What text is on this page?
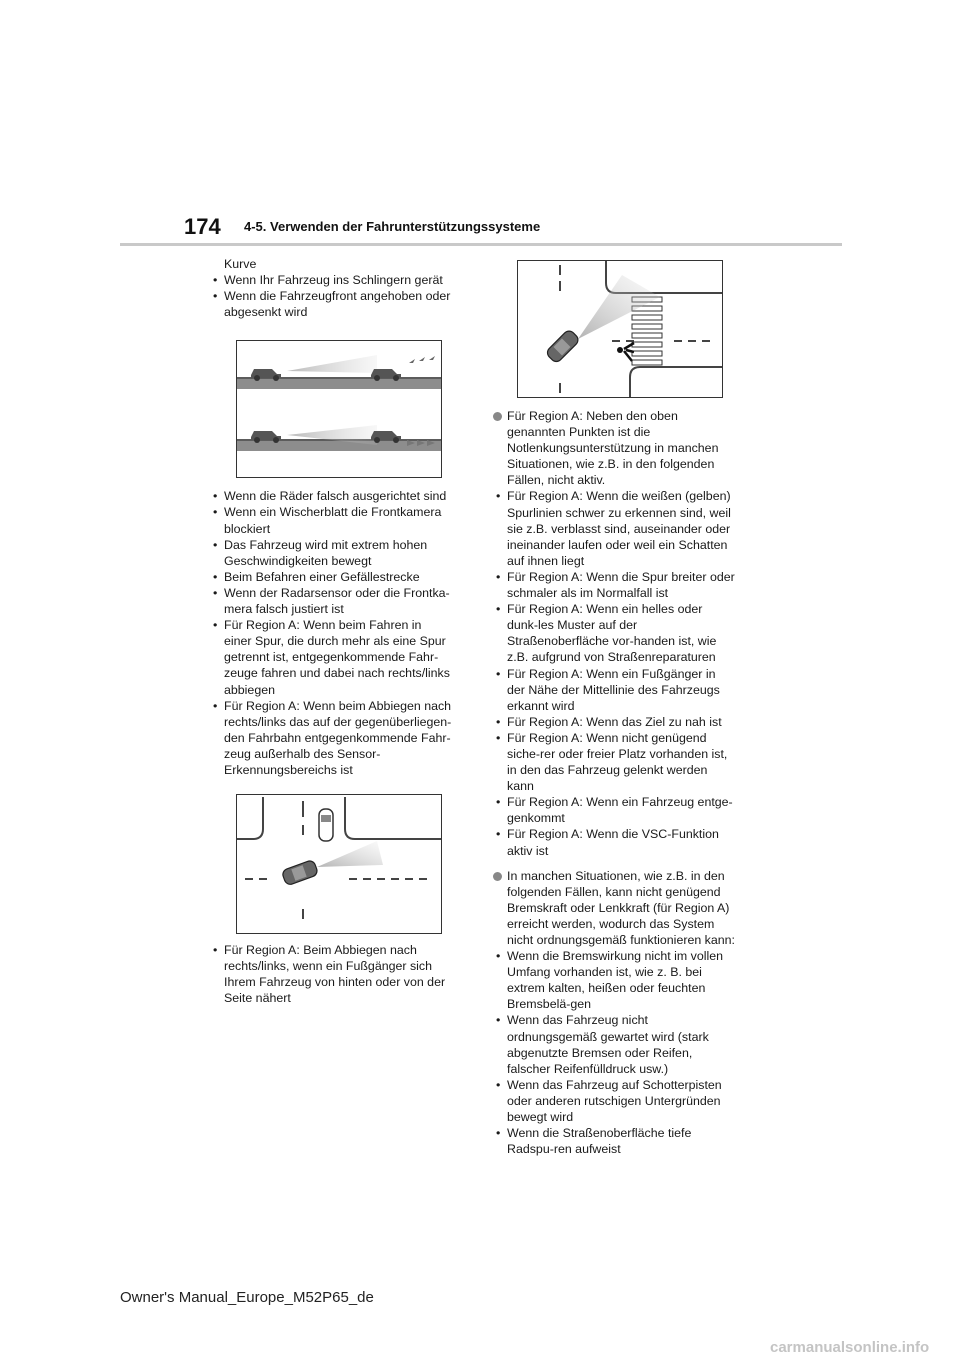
174 4-5. Verwenden der Fahrunterstützungssysteme

Kurve

• Wenn Ihr Fahrzeug ins Schlingern gerät

• Wenn die Fahrzeugfront angehoben oder abgesenkt wird

• Wenn die Räder falsch ausgerichtet sind

• Wenn ein Wischerblatt die Frontkamera blockiert

• Das Fahrzeug wird mit extrem hohen Geschwindigkeiten bewegt

• Beim Befahren einer Gefällestrecke

• Wenn der Radarsensor oder die Frontka-mera falsch justiert ist

• Für Region A: Wenn beim Fahren in einer Spur, die durch mehr als eine Spur getrennt ist, entgegenkommende Fahr-zeuge fahren und dabei nach rechts/links abbiegen

• Für Region A: Wenn beim Abbiegen nach rechts/links das auf der gegenüberliegen-den Fahrbahn entgegenkommende Fahr-zeug außerhalb des Sensor-Erkennungsbereichs ist

• Für Region A: Beim Abbiegen nach rechts/links, wenn ein Fußgänger sich Ihrem Fahrzeug von hinten oder von der Seite nähert

Für Region A: Neben den oben genannten Punkten ist die Notlenkungsunterstützung in manchen Situationen, wie z.B. in den folgenden Fällen, nicht aktiv.

• Für Region A: Wenn die weißen (gelben) Spurlinien schwer zu erkennen sind, weil sie z.B. verblasst sind, auseinander oder ineinander laufen oder weil ein Schatten auf ihnen liegt

• Für Region A: Wenn die Spur breiter oder schmaler als im Normalfall ist

• Für Region A: Wenn ein helles oder dunk-les Muster auf der Straßenoberfläche vor-handen ist, wie z.B. aufgrund von Straßenreparaturen

• Für Region A: Wenn ein Fußgänger in der Nähe der Mittellinie des Fahrzeugs erkannt wird

• Für Region A: Wenn das Ziel zu nah ist

• Für Region A: Wenn nicht genügend siche-rer oder freier Platz vorhanden ist, in den das Fahrzeug gelenkt werden kann

• Für Region A: Wenn ein Fahrzeug entge-genkommt

• Für Region A: Wenn die VSC-Funktion aktiv ist

In manchen Situationen, wie z.B. in den folgenden Fällen, kann nicht genügend Bremskraft oder Lenkkraft (für Region A) erreicht werden, wodurch das System nicht ordnungsgemäß funktionieren kann:

• Wenn die Bremswirkung nicht im vollen Umfang vorhanden ist, wie z. B. bei extrem kalten, heißen oder feuchten Bremsbelä-gen

• Wenn das Fahrzeug nicht ordnungsgemäß gewartet wird (stark abgenutzte Bremsen oder Reifen, falscher Reifenfülldruck usw.)

• Wenn das Fahrzeug auf Schotterpisten oder anderen rutschigen Untergründen bewegt wird

• Wenn die Straßenoberfläche tiefe Radspu-ren aufweist

Owner's Manual_Europe_M52P65_de
carmanualsonline.info
